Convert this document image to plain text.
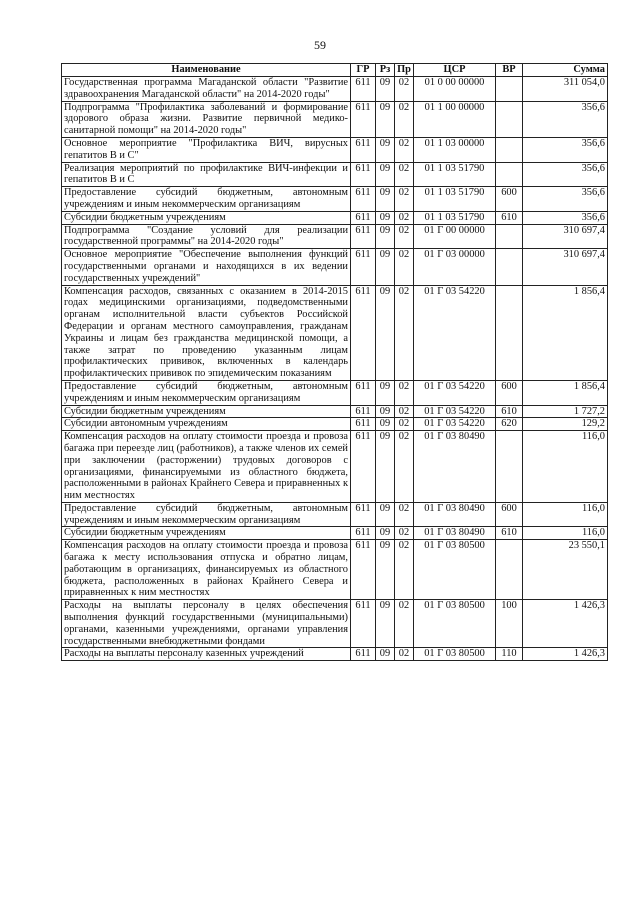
59
Наименование	ГР	Рз	Пр	ЦСР	ВР	Сумма
Государственная программа Магаданской области "Развитие здравоохранения Магаданской области" на 2014-2020 годы"	611	09	02	01 0 00 00000		311 054,0
Подпрограмма "Профилактика заболеваний и формирование здорового образа жизни. Развитие первичной медико-санитарной помощи" на 2014-2020 годы"	611	09	02	01 1 00 00000		356,6
Основное мероприятие "Профилактика ВИЧ, вирусных гепатитов В и С"	611	09	02	01 1 03 00000		356,6
Реализация мероприятий по профилактике ВИЧ-инфекции и гепатитов В и С	611	09	02	01 1 03 51790		356,6
Предоставление субсидий бюджетным, автономным учреждениям и иным некоммерческим организациям	611	09	02	01 1 03 51790	600	356,6
Субсидии бюджетным учреждениям	611	09	02	01 1 03 51790	610	356,6
Подпрограмма "Создание условий для реализации государственной программы" на 2014-2020 годы"	611	09	02	01 Г 00 00000		310 697,4
Основное мероприятие "Обеспечение выполнения функций государственными органами и находящихся в их ведении государственных учреждений"	611	09	02	01 Г 03 00000		310 697,4
Компенсация расходов, связанных с оказанием в 2014-2015 годах медицинскими организациями, подведомственными органам исполнительной власти субъектов Российской Федерации и органам местного самоуправления, гражданам Украины и лицам без гражданства медицинской помощи, а также затрат по проведению указанным лицам профилактических прививок, включенных в календарь профилактических прививок по эпидемическим показаниям	611	09	02	01 Г 03 54220		1 856,4
Предоставление субсидий бюджетным, автономным учреждениям и иным некоммерческим организациям	611	09	02	01 Г 03 54220	600	1 856,4
Субсидии бюджетным учреждениям	611	09	02	01 Г 03 54220	610	1 727,2
Субсидии автономным учреждениям	611	09	02	01 Г 03 54220	620	129,2
Компенсация расходов на оплату стоимости проезда и провоза багажа при переезде лиц (работников), а также членов их семей при заключении (расторжении) трудовых договоров с организациями, финансируемыми из областного бюджета, расположенными в районах Крайнего Севера и приравненных к ним местностях	611	09	02	01 Г 03 80490		116,0
Предоставление субсидий бюджетным, автономным учреждениям и иным некоммерческим организациям	611	09	02	01 Г 03 80490	600	116,0
Субсидии бюджетным учреждениям	611	09	02	01 Г 03 80490	610	116,0
Компенсация расходов на оплату стоимости проезда и провоза багажа к месту использования отпуска и обратно лицам, работающим в организациях, финансируемых из областного бюджета, расположенных в районах Крайнего Севера и приравненных к ним местностях	611	09	02	01 Г 03 80500		23 550,1
Расходы на выплаты персоналу в целях обеспечения выполнения функций государственными (муниципальными) органами, казенными учреждениями, органами управления государственными внебюджетными фондами	611	09	02	01 Г 03 80500	100	1 426,3
Расходы на выплаты персоналу казенных учреждений	611	09	02	01 Г 03 80500	110	1 426,3
